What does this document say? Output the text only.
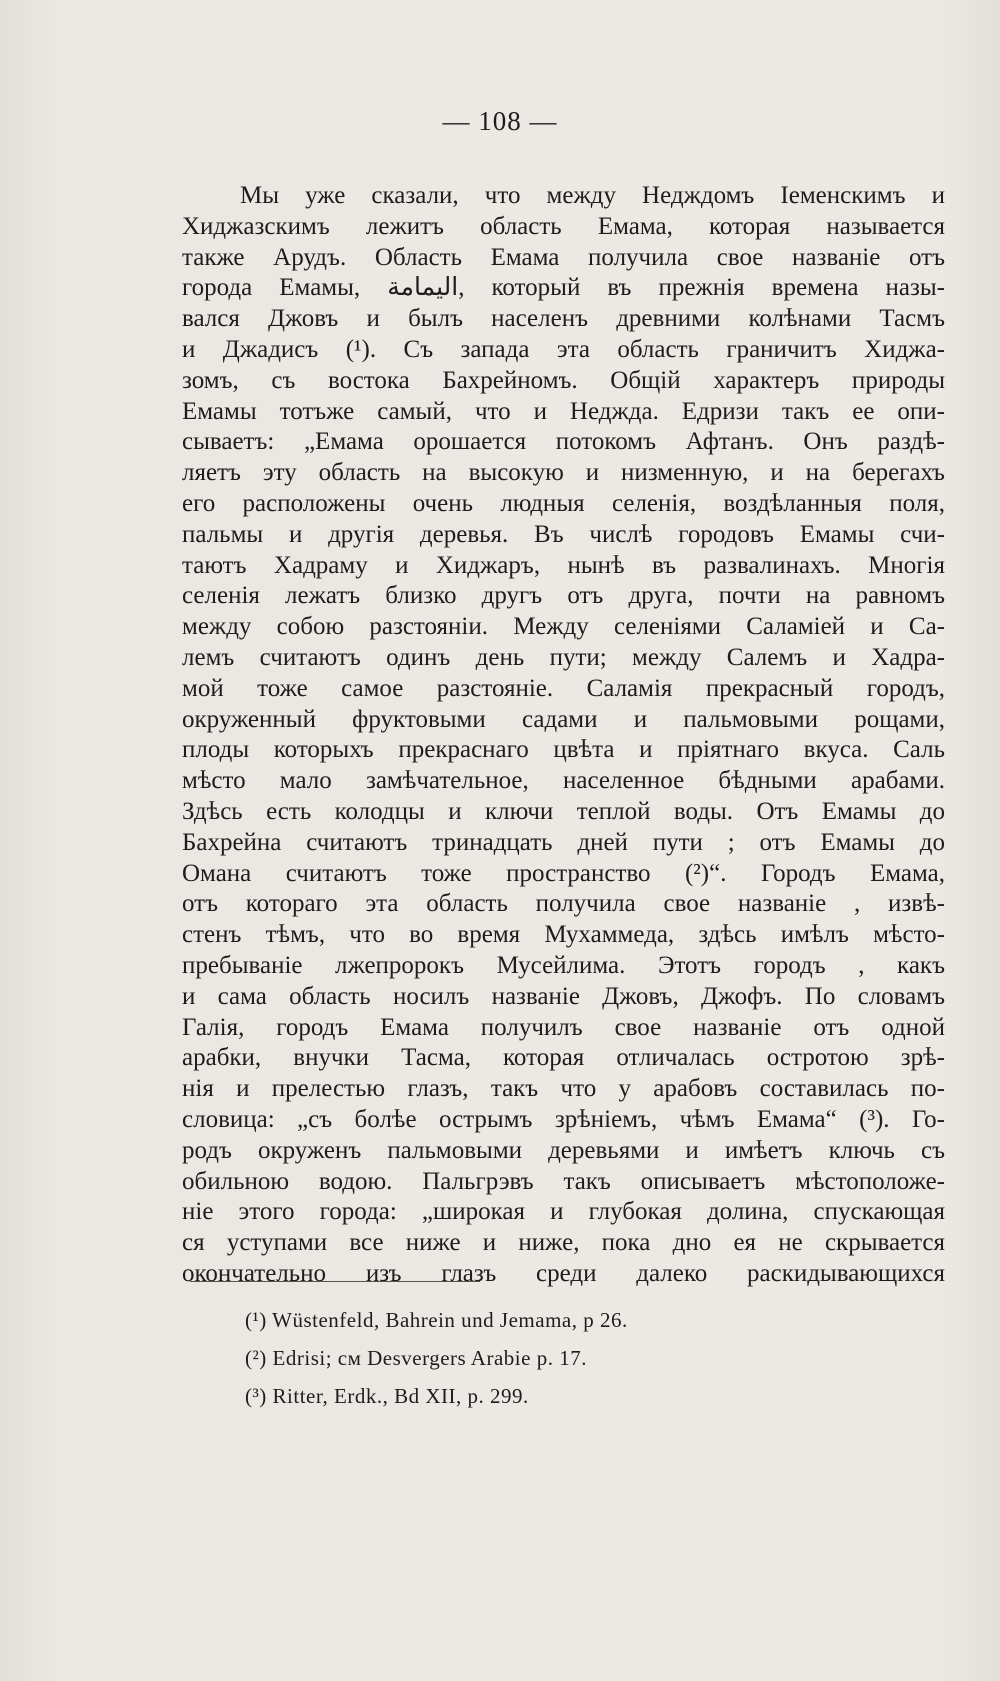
— 108 —
Мы уже сказали, что между Недждомъ Iеменскимъ и
Хиджазскимъ лежитъ область Емама, которая называется
также Арудъ. Область Емама получила свое названiе отъ
города Емамы, اليمامة, который въ прежнiя времена назы-
вался Джовъ и былъ населенъ древними колѣнами Тасмъ
и Джадисъ (¹). Съ запада эта область граничитъ Хиджа-
зомъ, съ востока Бахрейномъ. Общiй характеръ природы
Емамы тотъже самый, что и Неджда. Едризи такъ ее опи-
сываетъ: „Емама орошается потокомъ Афтанъ. Онъ раздѣ-
ляетъ эту область на высокую и низменную, и на берегахъ
его расположены очень людныя селенiя, воздѣланныя поля,
пальмы и другiя деревья. Въ числѣ городовъ Емамы счи-
таютъ Хадраму и Хиджаръ, нынѣ въ развалинахъ. Многiя
селенiя лежатъ близко другъ отъ друга, почти на равномъ
между собою разстоянiи. Между селенiями Саламiей и Са-
лемъ считаютъ одинъ день пути; между Салемъ и Хадра-
мой тоже самое разстоянiе. Саламiя прекрасный городъ,
окруженный фруктовыми садами и пальмовыми рощами,
плоды которыхъ прекраснаго цвѣта и прiятнаго вкуса. Саль
мѣсто мало замѣчательное, населенное бѣдными арабами.
Здѣсь есть колодцы и ключи теплой воды. Отъ Емамы до
Бахрейна считаютъ тринадцать дней пути ; отъ Емамы до
Омана считаютъ тоже пространство (²)“. Городъ Емама,
отъ котораго эта область получила свое названiе , извѣ-
стенъ тѣмъ, что во время Мухаммеда, здѣсь имѣлъ мѣсто-
пребыванiе лжепророкъ Мусейлима. Этотъ городъ , какъ
и сама область носилъ названiе Джовъ, Джофъ. По словамъ
Галiя, городъ Емама получилъ свое названiе отъ одной
арабки, внучки Тасма, которая отличалась остротою зрѣ-
нiя и прелестью глазъ, такъ что у арабовъ составилась по-
словица: „съ болѣе острымъ зрѣнiемъ, чѣмъ Емама“ (³). Го-
родъ окруженъ пальмовыми деревьями и имѣетъ ключь съ
обильною водою. Пальгрэвъ такъ описываетъ мѣстоположе-
нiе этого города: „широкая и глубокая долина, спускающая
ся уступами все ниже и ниже, пока дно ея не скрывается
окончательно изъ глазъ среди далеко раскидывающихся
(¹) Wüstenfeld, Bahrein und Jemama, p 26.
(²) Edrisi; см Desvergers Arabie p. 17.
(³) Ritter, Erdk., Bd XII, p. 299.
